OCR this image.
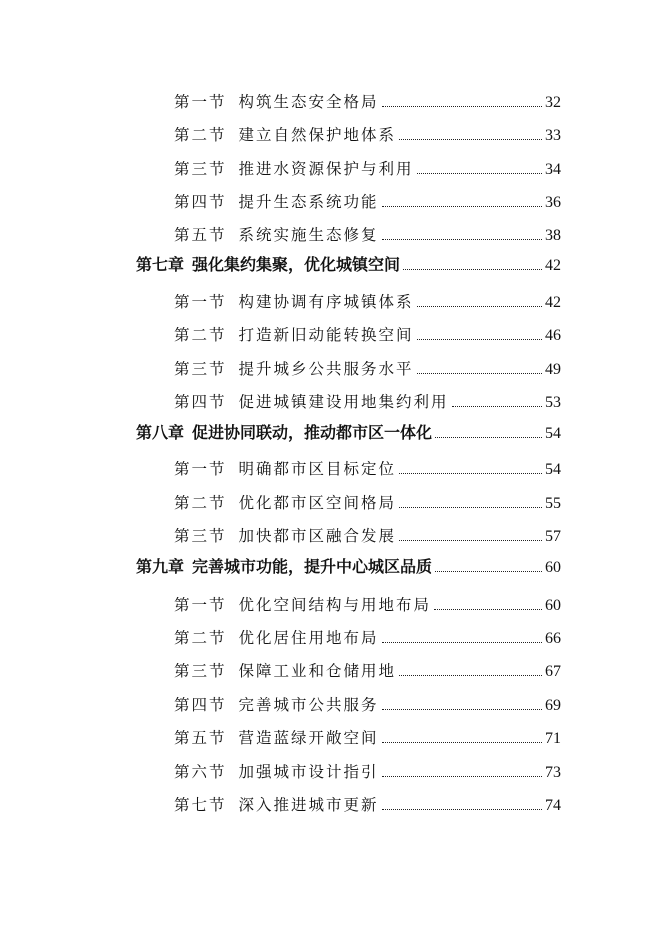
第一节 构筑生态安全格局	32
第二节 建立自然保护地体系	33
第三节 推进水资源保护与利用	34
第四节 提升生态系统功能	36
第五节 系统实施生态修复	38
第七章 强化集约集聚，优化城镇空间	42
第一节 构建协调有序城镇体系	42
第二节 打造新旧动能转换空间	46
第三节 提升城乡公共服务水平	49
第四节 促进城镇建设用地集约利用	53
第八章 促进协同联动，推动都市区一体化	54
第一节 明确都市区目标定位	54
第二节 优化都市区空间格局	55
第三节 加快都市区融合发展	57
第九章 完善城市功能，提升中心城区品质	60
第一节 优化空间结构与用地布局	60
第二节 优化居住用地布局	66
第三节 保障工业和仓储用地	67
第四节 完善城市公共服务	69
第五节 营造蓝绿开敞空间	71
第六节 加强城市设计指引	73
第七节 深入推进城市更新	74
